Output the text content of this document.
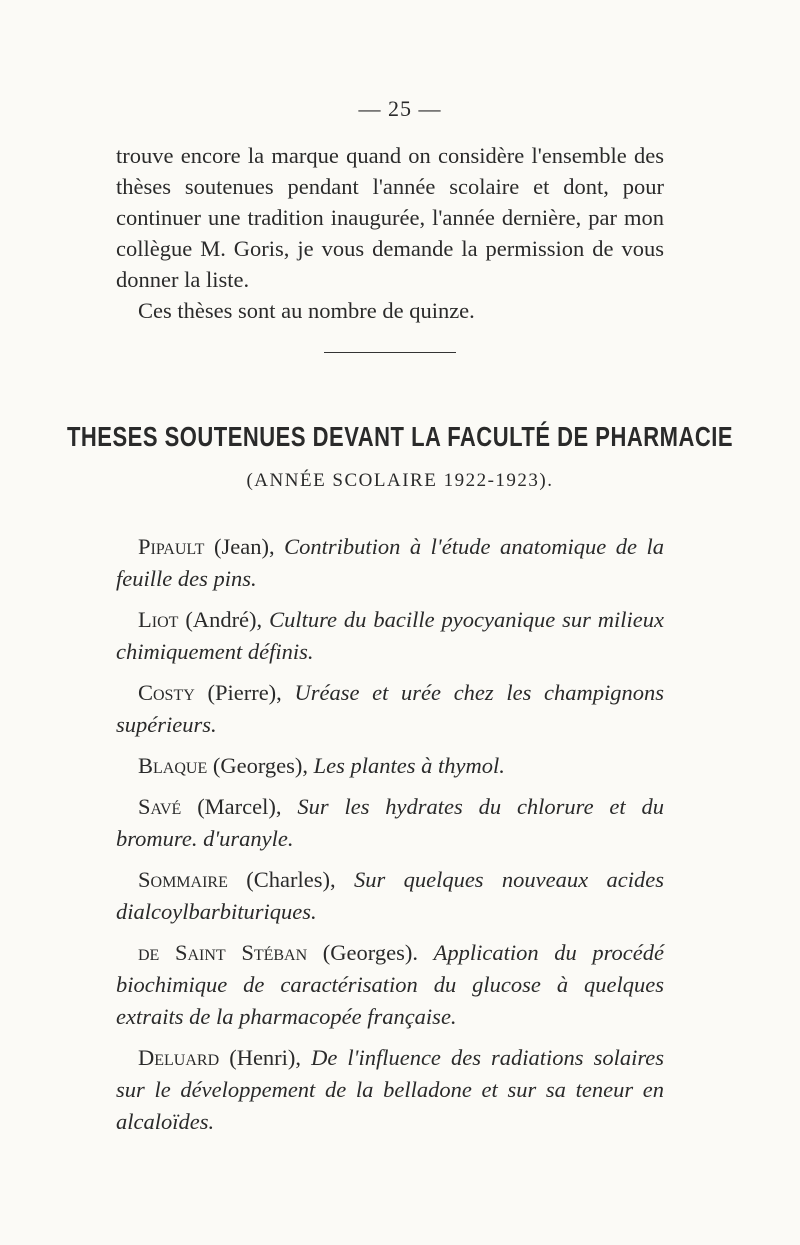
— 25 —

trouve encore la marque quand on considère l'ensemble des thèses soutenues pendant l'année scolaire et dont, pour continuer une tradition inaugurée, l'année dernière, par mon collègue M. Goris, je vous demande la permission de vous donner la liste.

Ces thèses sont au nombre de quinze.

THESES SOUTENUES DEVANT LA FACULTÉ DE PHARMACIE
(ANNÉE SCOLAIRE 1922-1923).

Pipault (Jean), Contribution à l'étude anatomique de la feuille des pins.

Liot (André), Culture du bacille pyocyanique sur milieux chimiquement définis.

Costy (Pierre), Uréase et urée chez les champignons supérieurs.

Blaque (Georges), Les plantes à thymol.

Savé (Marcel), Sur les hydrates du chlorure et du bromure. d'uranyle.

Sommaire (Charles), Sur quelques nouveaux acides dialcoylbarbituriques.

de Saint Stéban (Georges). Application du procédé biochimique de caractérisation du glucose à quelques extraits de la pharmacopée française.

Deluard (Henri), De l'influence des radiations solaires sur le développement de la belladone et sur sa teneur en alcaloïdes.
